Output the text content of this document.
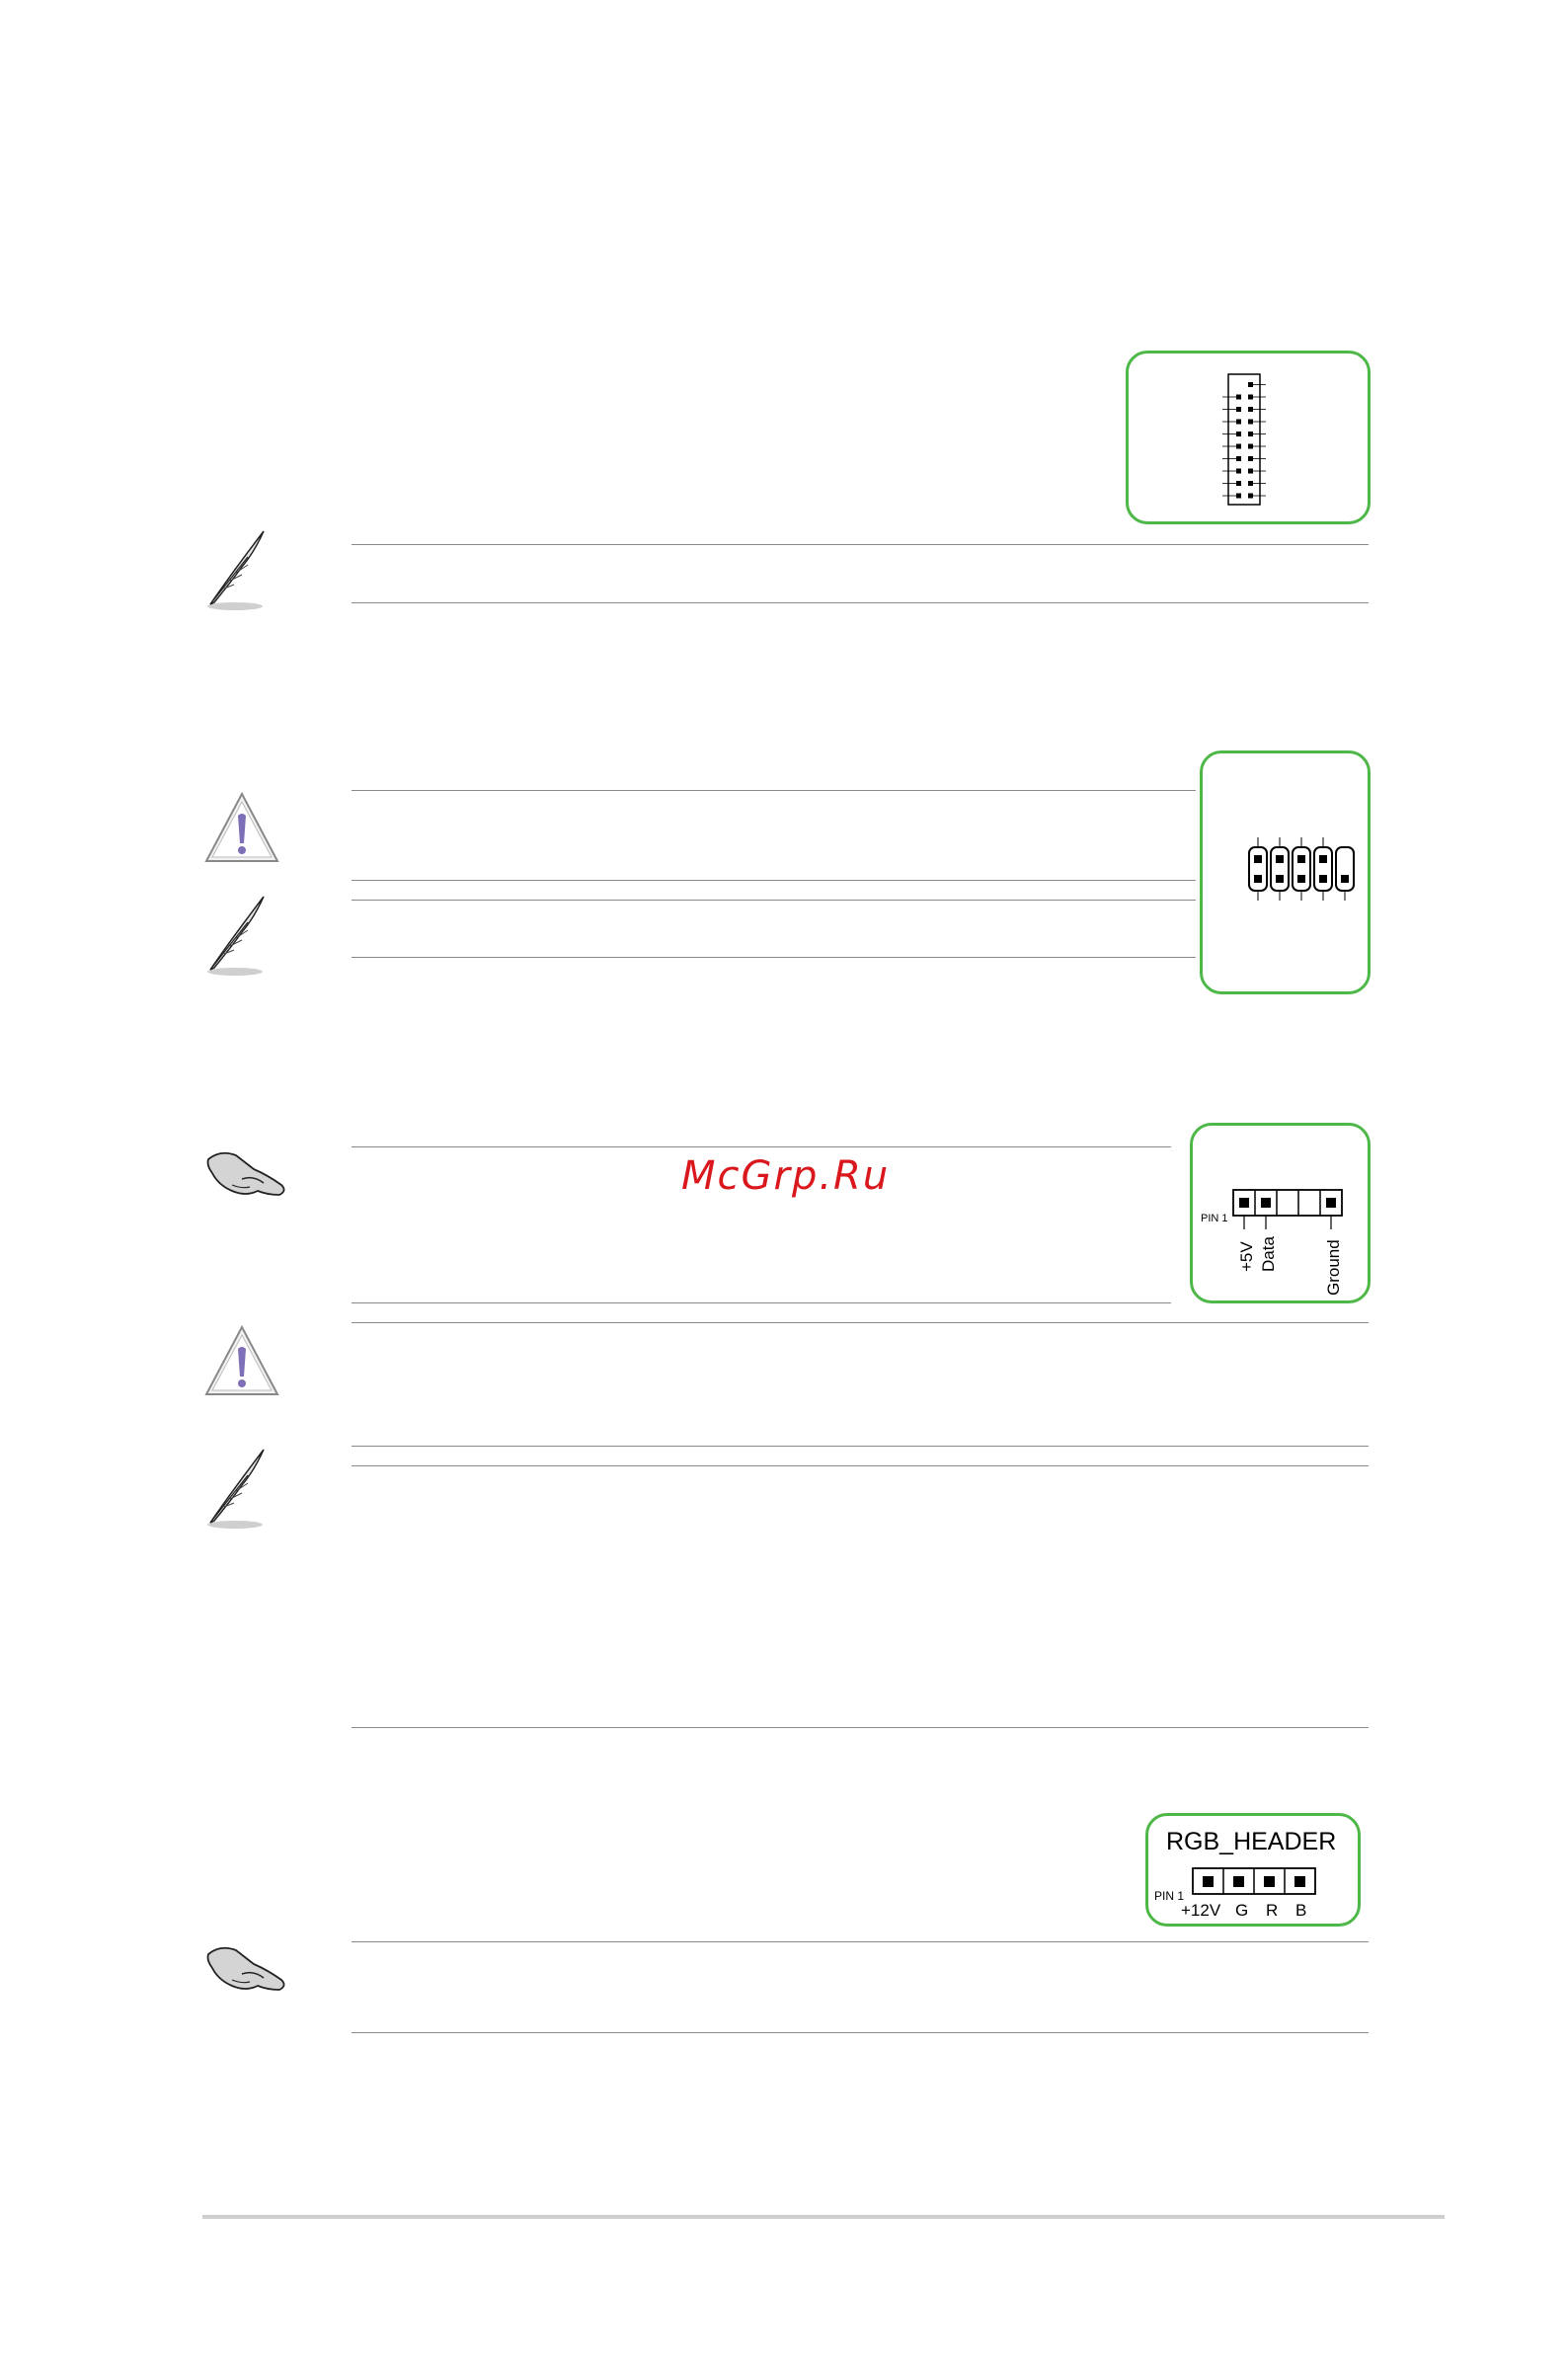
PIN 1
+5V Data	Ground
McGrp.Ru
RGB_HEADER
PIN 1
+12V G R B
